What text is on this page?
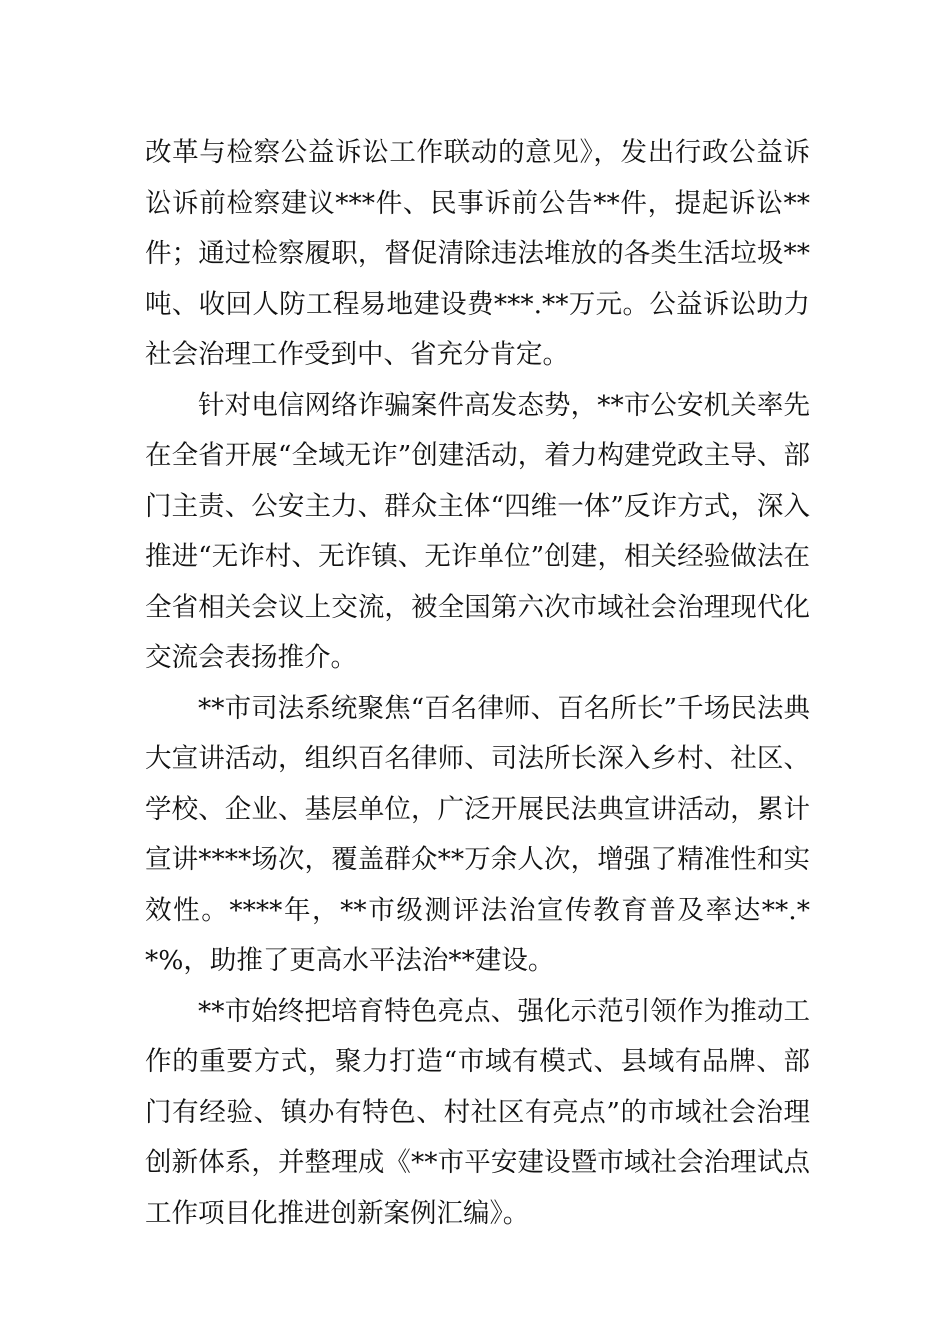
改革与检察公益诉讼工作联动的意见》，发出行政公益诉讼诉前检察建议***件、民事诉前公告**件，提起诉讼**件；通过检察履职，督促清除违法堆放的各类生活垃圾**吨、收回人防工程易地建设费***.**万元。公益诉讼助力社会治理工作受到中、省充分肯定。

针对电信网络诈骗案件高发态势，**市公安机关率先在全省开展“全域无诈”创建活动，着力构建党政主导、部门主责、公安主力、群众主体“四维一体”反诈方式，深入推进“无诈村、无诈镇、无诈单位”创建，相关经验做法在全省相关会议上交流，被全国第六次市域社会治理现代化交流会表扬推介。

**市司法系统聚焦“百名律师、百名所长”千场民法典大宣讲活动，组织百名律师、司法所长深入乡村、社区、学校、企业、基层单位，广泛开展民法典宣讲活动，累计宣讲****场次，覆盖群众**万余人次，增强了精准性和实效性。****年，**市级测评法治宣传教育普及率达**.**%，助推了更高水平法治**建设。

**市始终把培育特色亮点、强化示范引领作为推动工作的重要方式，聚力打造“市域有模式、县域有品牌、部门有经验、镇办有特色、村社区有亮点”的市域社会治理创新体系，并整理成《**市平安建设暨市域社会治理试点工作项目化推进创新案例汇编》。
